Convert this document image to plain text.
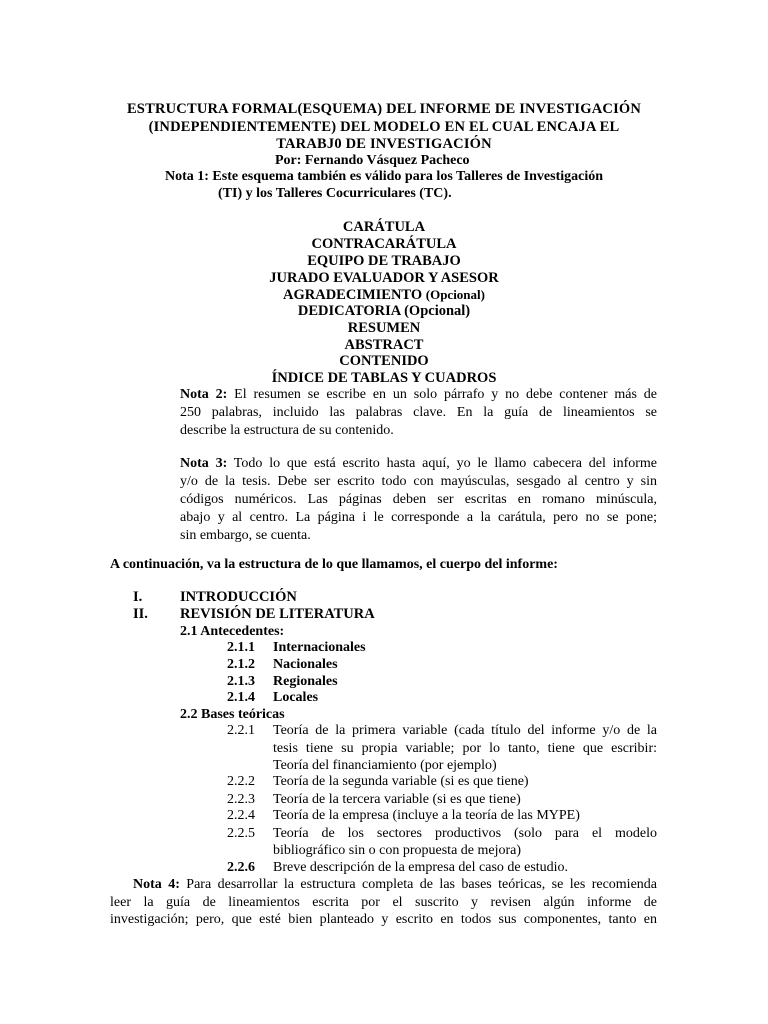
ESTRUCTURA FORMAL(ESQUEMA) DEL INFORME DE INVESTIGACIÓN
(INDEPENDIENTEMENTE) DEL MODELO EN EL CUAL ENCAJA EL
TARABJ0 DE INVESTIGACIÓN
Por: Fernando Vásquez Pacheco
Nota 1: Este esquema también es válido para los Talleres de Investigación
(TI) y los Talleres Cocurriculares (TC).
CARÁTULA
CONTRACARÁTULA
EQUIPO DE TRABAJO
JURADO EVALUADOR Y ASESOR
AGRADECIMIENTO (Opcional)
DEDICATORIA (Opcional)
RESUMEN
ABSTRACT
CONTENIDO
ÍNDICE DE TABLAS Y CUADROS
Nota 2: El resumen se escribe en un solo párrafo y no debe contener más de
250 palabras, incluido las palabras clave. En la guía de lineamientos se
describe la estructura de su contenido.
Nota 3: Todo lo que está escrito hasta aquí, yo le llamo cabecera del informe
y/o de la tesis. Debe ser escrito todo con mayúsculas, sesgado al centro y sin
códigos numéricos. Las páginas deben ser escritas en romano minúscula,
abajo y al centro. La página i le corresponde a la carátula, pero no se pone;
sin embargo, se cuenta.
A continuación, va la estructura de lo que llamamos, el cuerpo del informe:
I.	INTRODUCCIÓN
II. REVISIÓN DE LITERATURA
2.1 Antecedentes:
2.1.1 Internacionales
2.1.2 Nacionales
2.1.3 Regionales
2.1.4 Locales
2.2 Bases teóricas
2.2.1 Teoría de la primera variable (cada título del informe y/o de la
tesis tiene su propia variable; por lo tanto, tiene que escribir:
Teoría del financiamiento (por ejemplo)
2.2.2 Teoría de la segunda variable (si es que tiene)
2.2.3 Teoría de la tercera variable (si es que tiene)
2.2.4 Teoría de la empresa (incluye a la teoría de las MYPE)
2.2.5 Teoría de los sectores productivos (solo para el modelo
bibliográfico sin o con propuesta de mejora)
2.2.6 Breve descripción de la empresa del caso de estudio.
Nota 4: Para desarrollar la estructura completa de las bases teóricas, se les recomienda
leer la guía de lineamientos escrita por el suscrito y revisen algún informe de
investigación; pero, que esté bien planteado y escrito en todos sus componentes, tanto en
